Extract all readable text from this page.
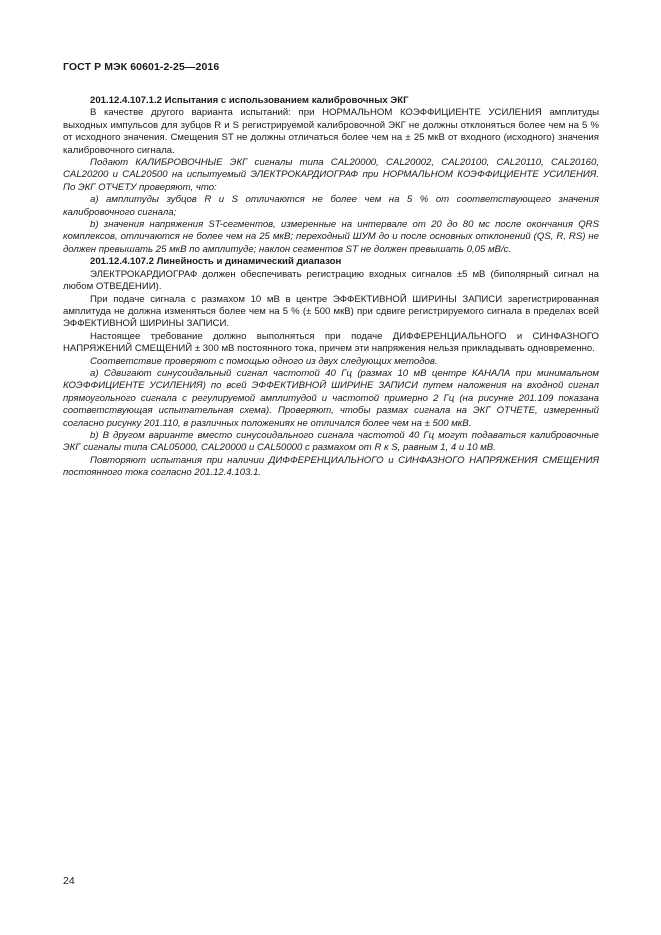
ГОСТ Р МЭК 60601-2-25—2016

201.12.4.107.1.2 Испытания с использованием калибровочных ЭКГ

В качестве другого варианта испытаний: при НОРМАЛЬНОМ КОЭФФИЦИЕНТЕ УСИЛЕНИЯ амплитуды выходных импульсов для зубцов R и S регистрируемой калибровочной ЭКГ не должны отклоняться более чем на 5 % от исходного значения. Смещения ST не должны отличаться более чем на ± 25 мкВ от входного (исходного) значения калибровочного сигнала.

Подают КАЛИБРОВОЧНЫЕ ЭКГ сигналы типа CAL20000, CAL20002, CAL20100, CAL20110, CAL20160, CAL20200 и CAL20500 на испытуемый ЭЛЕКТРОКАРДИОГРАФ при НОРМАЛЬНОМ КОЭФФИЦИЕНТЕ УСИЛЕНИЯ. По ЭКГ ОТЧЕТУ проверяют, что:

а) амплитуды зубцов R и S отличаются не более чем на 5 % от соответствующего значения калибровочного сигнала;

b) значения напряжения ST-сегментов, измеренные на интервале от 20 до 80 мс после окончания QRS комплексов, отличаются не более чем на 25 мкВ; переходный ШУМ до и после основных отклонений (QS, R, RS) не должен превышать 25 мкВ по амплитуде; наклон сегментов ST не должен превышать 0,05 мВ/с.

201.12.4.107.2 Линейность и динамический диапазон

ЭЛЕКТРОКАРДИОГРАФ должен обеспечивать регистрацию входных сигналов ±5 мВ (биполярный сигнал на любом ОТВЕДЕНИИ).

При подаче сигнала с размахом 10 мВ в центре ЭФФЕКТИВНОЙ ШИРИНЫ ЗАПИСИ зарегистрированная амплитуда не должна изменяться более чем на 5 % (± 500 мкВ) при сдвиге регистрируемого сигнала в пределах всей ЭФФЕКТИВНОЙ ШИРИНЫ ЗАПИСИ.

Настоящее требование должно выполняться при подаче ДИФФЕРЕНЦИАЛЬНОГО и СИНФАЗНОГО НАПРЯЖЕНИЙ СМЕЩЕНИЙ ± 300 мВ постоянного тока, причем эти напряжения нельзя прикладывать одновременно.

Соответствие проверяют с помощью одного из двух следующих методов.

а) Сдвигают синусоидальный сигнал частотой 40 Гц (размах 10 мВ центре КАНАЛА при минимальном КОЭФФИЦИЕНТЕ УСИЛЕНИЯ) по всей ЭФФЕКТИВНОЙ ШИРИНЕ ЗАПИСИ путем наложения на входной сигнал прямоугольного сигнала с регулируемой амплитудой и частотой примерно 2 Гц (на рисунке 201.109 показана соответствующая испытательная схема). Проверяют, чтобы размах сигнала на ЭКГ ОТЧЕТЕ, измеренный согласно рисунку 201.110, в различных положениях не отличался более чем на ± 500 мкВ.

b) В другом варианте вместо синусоидального сигнала частотой 40 Гц могут подаваться калибровочные ЭКГ сигналы типа CAL05000, CAL20000 и CAL50000 с размахом от R к S, равным 1, 4 и 10 мВ.

Повторяют испытания при наличии ДИФФЕРЕНЦИАЛЬНОГО и СИНФАЗНОГО НАПРЯЖЕНИЯ СМЕЩЕНИЯ постоянного тока согласно 201.12.4.103.1.

24
